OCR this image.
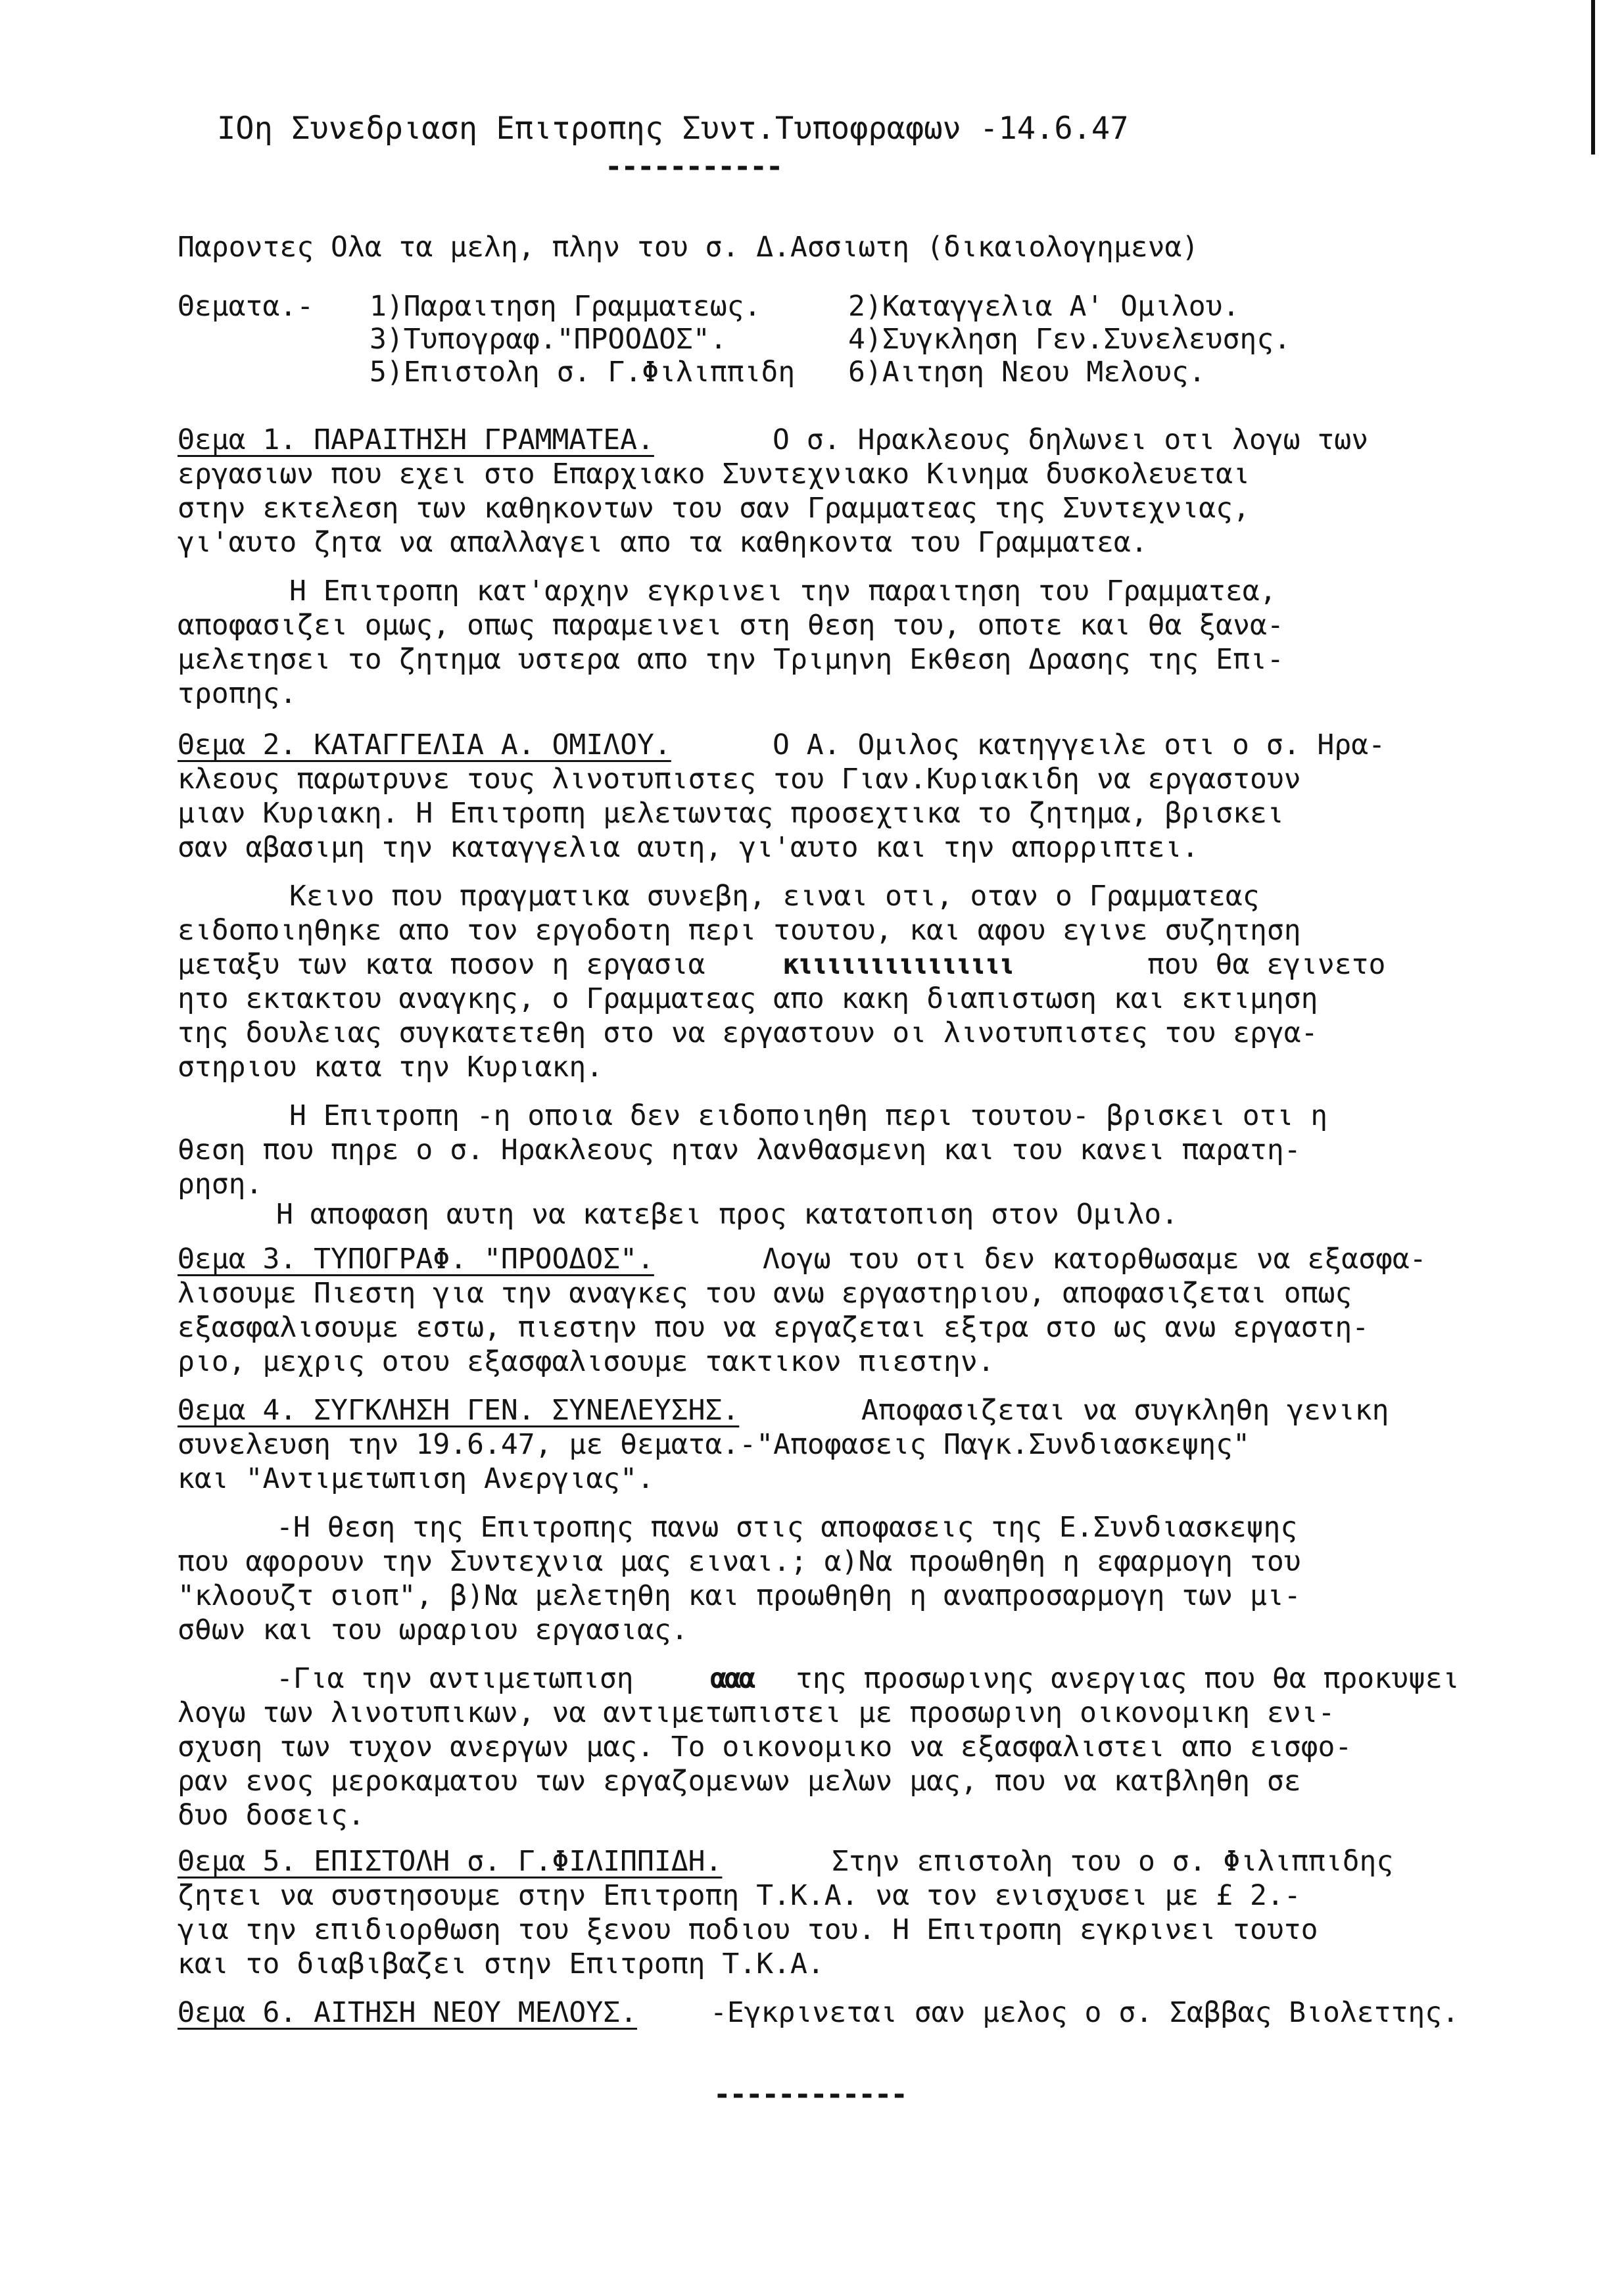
IOη Συνεδριαση Επιτροπης Συντ.Τυποφραφων -14.6.47
-----------
Παροντες Ολα τα μελη, πλην του σ. Δ.Ασσιωτη (δικαιολογημενα)
Θεματα.- 1)Παραιτηση Γραμματεως.	2)Καταγγελια Α' Ομιλου.
3)Τυπογραφ."ΠΡΟΟΔΟΣ".	4)Συγκληση Γεν.Συνελευσης.
5)Επιστολη σ. Γ.Φιλιππιδη 6)Αιτηση Νεου Μελους.
Θεμα 1. ΠΑΡΑΙΤΗΣΗ ΓΡΑΜΜΑΤΕΑ.	Ο σ. Ηρακλεους δηλωνει οτι λογω των
εργασιων που εχει στο Επαρχιακο Συντεχνιακο Κινημα δυσκολευεται
στην εκτελεση των καθηκοντων του σαν Γραμματεας της Συντεχνιας,
γι'αυτο ζητα να απαλλαγει απο τα καθηκοντα του Γραμματεα.
Η Επιτροπη κατ'αρχην εγκρινει την παραιτηση του Γραμματεα,
αποφασιζει ομως, οπως παραμεινει στη θεση του, οποτε και θα ξανα-
μελετησει το ζητημα υστερα απο την Τριμηνη Εκθεση Δρασης της Επι-
τροπης.
Θεμα 2. ΚΑΤΑΓΓΕΛΙΑ Α. ΟΜΙΛΟΥ.	Ο Α. Ομιλος κατηγγειλε οτι ο σ. Ηρα-
κλεους παρωτρυνε τους λινοτυπιστες του Γιαν.Κυριακιδη να εργαστουν
μιαν Κυριακη. Η Επιτροπη μελετωντας προσεχτικα το ζητημα, βρισκει
σαν αβασιμη την καταγγελια αυτη, γι'αυτο και την απορριπτει.
Κεινο που πραγματικα συνεβη, ειναι οτι, οταν ο Γραμματεας
ειδοποιηθηκε απο τον εργοδοτη περι τουτου, και αφου εγινε συζητηση
μεταξυ των κατα ποσον η εργασια	κιιιιιιιιιιιιιιι	που θα εγινετο
ητο εκτακτου αναγκης, ο Γραμματεας απο κακη διαπιστωση και εκτιμηση
της δουλειας συγκατετεθη στο να εργαστουν οι λινοτυπιστες του εργα-
στηριου κατα την Κυριακη.
Η Επιτροπη -η οποια δεν ειδοποιηθη περι τουτου- βρισκει οτι η
θεση που πηρε ο σ. Ηρακλεους ηταν λανθασμενη και του κανει παρατη-
ρηση.
Η αποφαση αυτη να κατεβει προς κατατοπιση στον Ομιλο.
Θεμα 3. ΤΥΠΟΓΡΑΦ. "ΠΡΟΟΔΟΣ".	Λογω του οτι δεν κατορθωσαμε να εξασφα-
λισουμε Πιεστη για την αναγκες του ανω εργαστηριου, αποφασιζεται οπως
εξασφαλισουμε εστω, πιεστην που να εργαζεται εξτρα στο ως ανω εργαστη-
ριο, μεχρις οτου εξασφαλισουμε τακτικον πιεστην.
Θεμα 4. ΣΥΓΚΛΗΣΗ ΓΕΝ. ΣΥΝΕΛΕΥΣΗΣ.	Αποφασιζεται να συγκληθη γενικη
συνελευση την 19.6.47, με θεματα.-"Αποφασεις Παγκ.Συνδιασκεψης"
και "Αντιμετωπιση Ανεργιας".
-Η θεση της Επιτροπης πανω στις αποφασεις της Ε.Συνδιασκεψης
που αφορουν την Συντεχνια μας ειναι.; α)Να προωθηθη η εφαρμογη του
"κλοουζτ σιοπ", β)Να μελετηθη και προωθηθη η αναπροσαρμογη των μι-
σθων και του ωραριου εργασιας.
-Για την αντιμετωπιση	ααα της προσωρινης ανεργιας που θα προκυψει
λογω των λινοτυπικων, να αντιμετωπιστει με προσωρινη οικονομικη ενι-
σχυση των τυχον ανεργων μας. Το οικονομικο να εξασφαλιστει απο εισφο-
ραν ενος μεροκαματου των εργαζομενων μελων μας, που να κατβληθη σε
δυο δοσεις.
Θεμα 5. ΕΠΙΣΤΟΛΗ σ. Γ.ΦΙΛΙΠΠΙΔΗ.	Στην επιστολη του ο σ. Φιλιππιδης
ζητει να συστησουμε στην Επιτροπη Τ.Κ.Α. να τον ενισχυσει με £ 2.-
για την επιδιορθωση του ξενου ποδιου του. Η Επιτροπη εγκρινει τουτο
και το διαβιβαζει στην Επιτροπη Τ.Κ.Α.
Θεμα 6. ΑΙΤΗΣΗ ΝΕΟΥ ΜΕΛΟΥΣ.	-Εγκρινεται σαν μελος ο σ. Σαββας Βιολεττης.
------------
